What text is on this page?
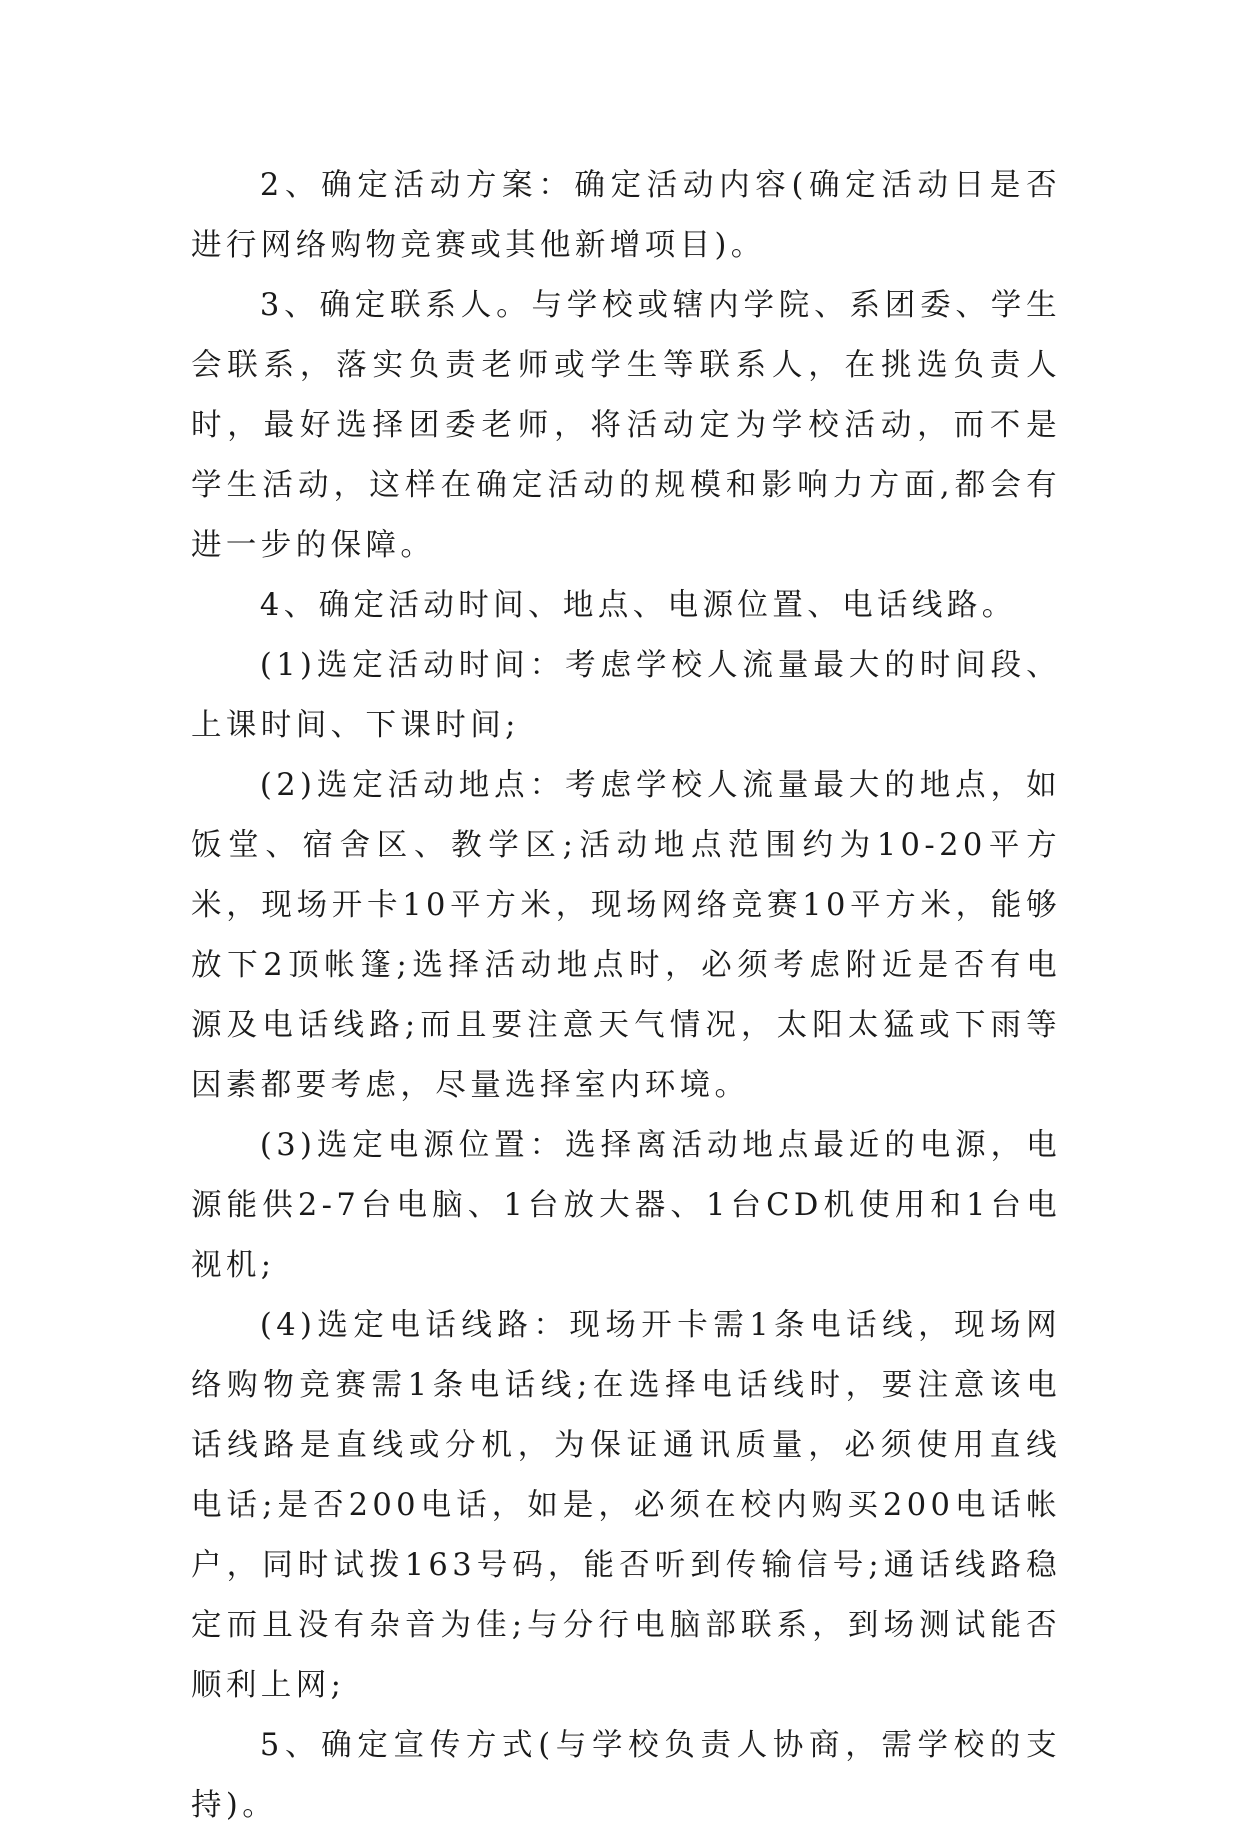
2、确定活动方案：确定活动内容(确定活动日是否进行网络购物竞赛或其他新增项目)。

3、确定联系人。与学校或辖内学院、系团委、学生会联系，落实负责老师或学生等联系人，在挑选负责人时，最好选择团委老师，将活动定为学校活动，而不是学生活动，这样在确定活动的规模和影响力方面,都会有进一步的保障。

4、确定活动时间、地点、电源位置、电话线路。

(1)选定活动时间：考虑学校人流量最大的时间段、上课时间、下课时间;

(2)选定活动地点：考虑学校人流量最大的地点，如饭堂、宿舍区、教学区;活动地点范围约为10-20平方米，现场开卡10平方米，现场网络竞赛10平方米，能够放下2顶帐篷;选择活动地点时，必须考虑附近是否有电源及电话线路;而且要注意天气情况，太阳太猛或下雨等因素都要考虑，尽量选择室内环境。

(3)选定电源位置：选择离活动地点最近的电源，电源能供2-7台电脑、1台放大器、1台CD机使用和1台电视机;

(4)选定电话线路：现场开卡需1条电话线，现场网络购物竞赛需1条电话线;在选择电话线时，要注意该电话线路是直线或分机，为保证通讯质量，必须使用直线电话;是否200电话，如是，必须在校内购买200电话帐户，同时试拨163号码，能否听到传输信号;通话线路稳定而且没有杂音为佳;与分行电脑部联系，到场测试能否顺利上网;

5、确定宣传方式(与学校负责人协商，需学校的支持)。
